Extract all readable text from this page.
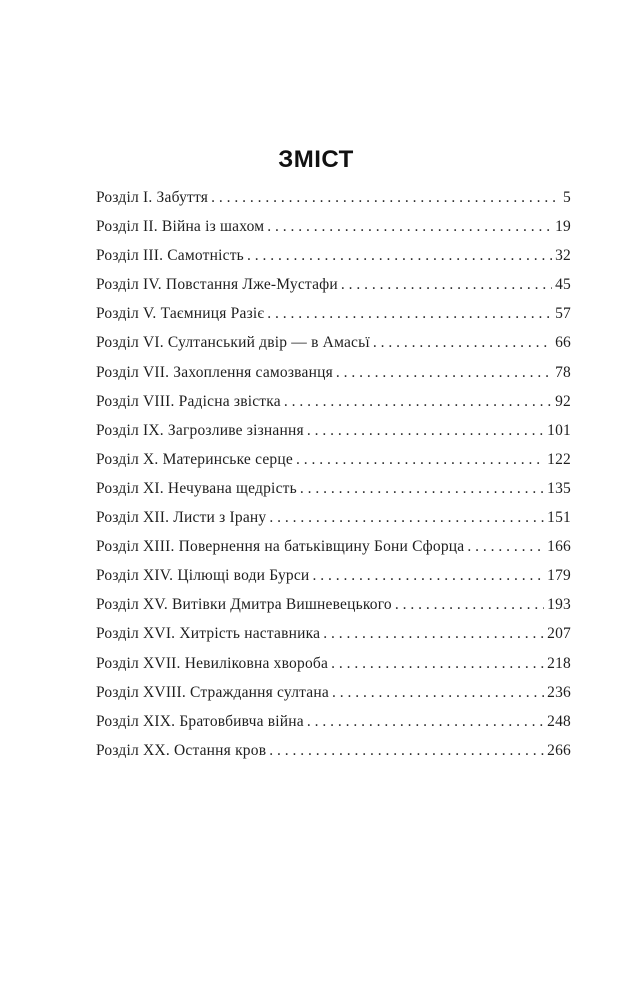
ЗМІСТ
Розділ I. Забуття . . .	5
Розділ II. Війна із шахом . . .	19
Розділ III. Самотність . . .	32
Розділ IV. Повстання Лже-Мустафи . . .	45
Розділ V. Таємниця Разіє . . .	57
Розділ VI. Султанський двір — в Амасьї . . .	66
Розділ VII. Захоплення самозванця . . .	78
Розділ VIII. Радісна звістка . . .	92
Розділ IX. Загрозливе зізнання . . .	101
Розділ X. Материнське серце . . .	122
Розділ XI. Нечувана щедрість . . .	135
Розділ XII. Листи з Ірану . . .	151
Розділ XIII. Повернення на батьківщину Бони Сфорца . . .	166
Розділ XIV. Цілющі води Бурси . . .	179
Розділ XV. Витівки Дмитра Вишневецького . . .	193
Розділ XVI. Хитрість наставника . . .	207
Розділ XVII. Невиліковна хвороба . . .	218
Розділ XVIII. Страждання султана . . .	236
Розділ XIX. Братовбивча війна . . .	248
Розділ XX. Остання кров . . .	266
